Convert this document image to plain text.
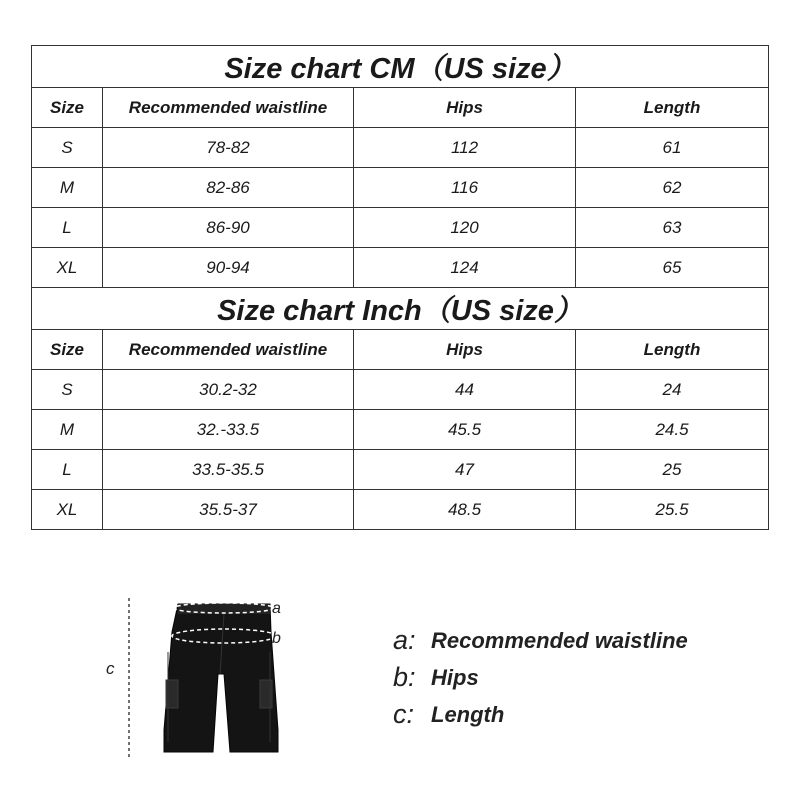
Size chart CM（US size）			
Size	Recommended waistline	Hips	Length
S	78-82	112	61
M	82-86	116	62
L	86-90	120	63
XL	90-94	124	65
Size chart Inch（US size）			
Size	Recommended waistline	Hips	Length
S	30.2-32	44	24
M	32.-33.5	45.5	24.5
L	33.5-35.5	47	25
XL	35.5-37	48.5	25.5
c
a
b	a: Recommended waistline
b: Hips
c: Length
